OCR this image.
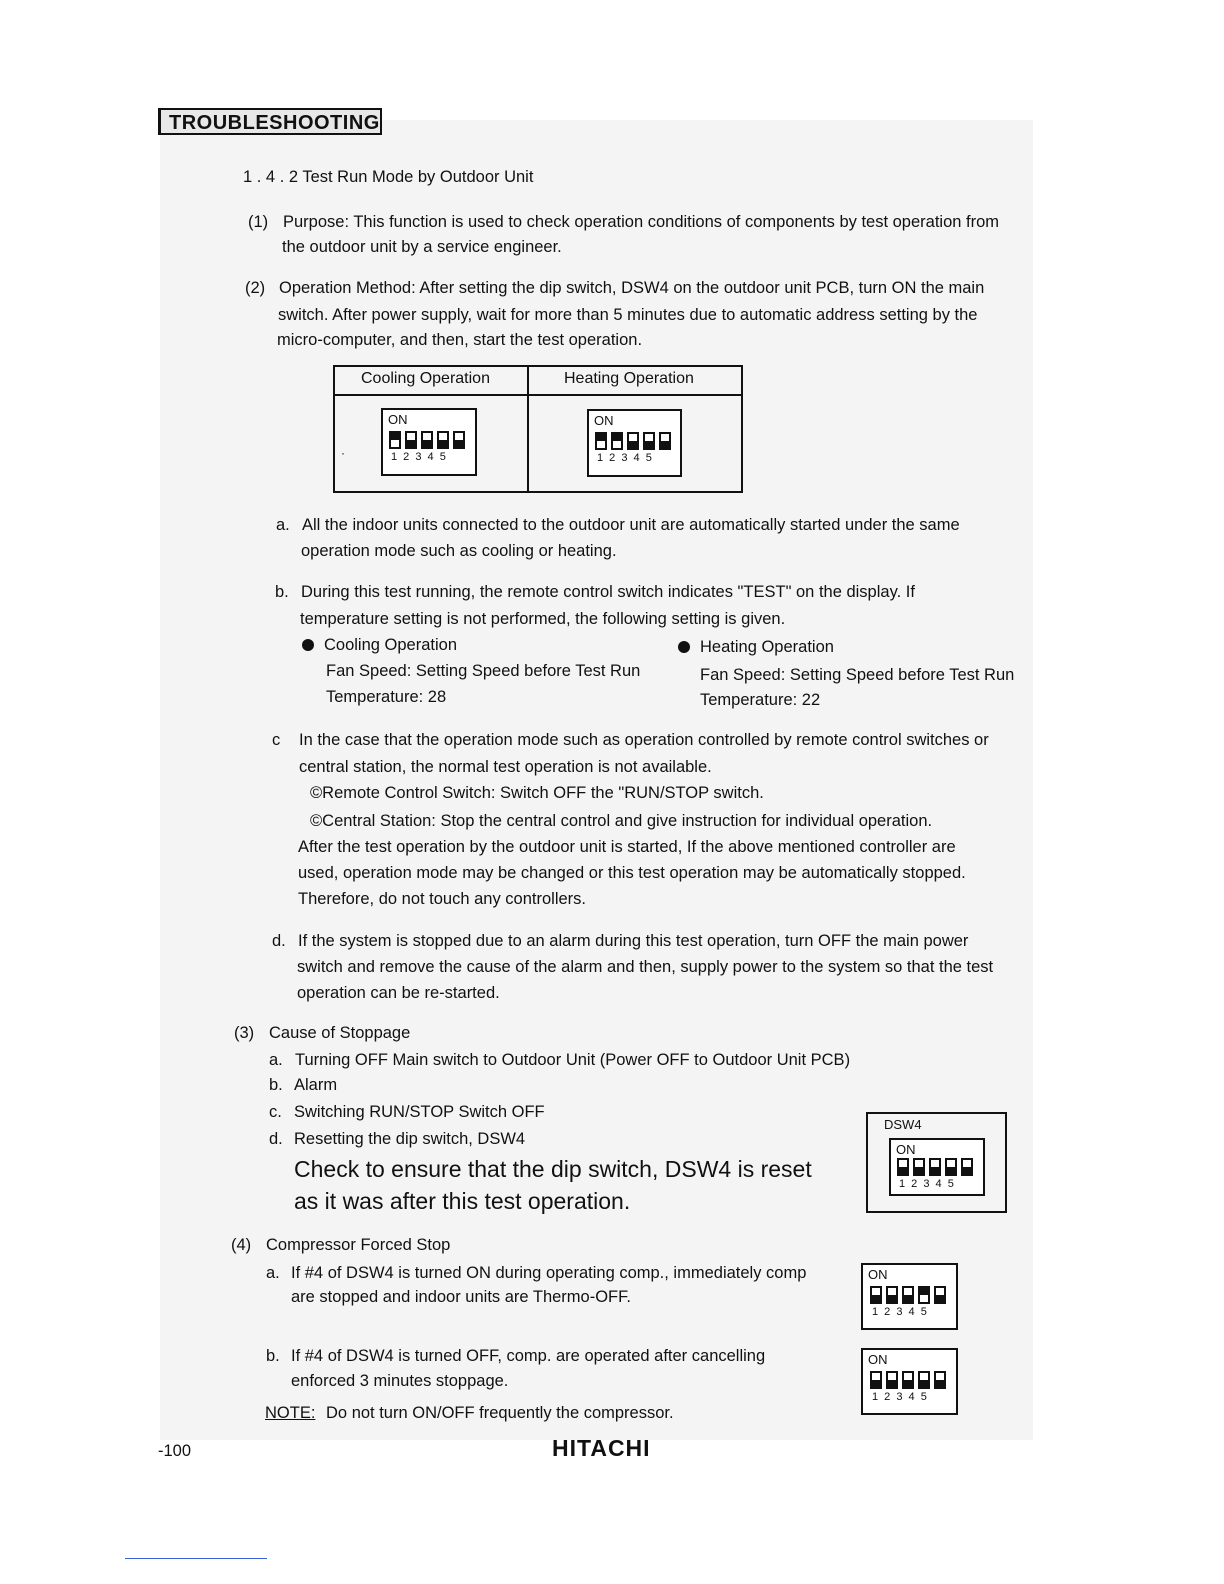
TROUBLESHOOTING
1 . 4 . 2 Test Run Mode by Outdoor Unit
(1) Purpose: This function is used to check operation conditions of components by test operation from
the outdoor unit by a service engineer.
(2) Operation Method: After setting the dip switch, DSW4 on the outdoor unit PCB, turn ON the main
switch. After power supply, wait for more than 5 minutes due to automatic address setting by the
micro-computer, and then, start the test operation.
Cooling Operation	Heating Operation
ON
1 2 3 4 5
ON
1 2 3 4 5
·
a. All the indoor units connected to the outdoor unit are automatically started under the same
operation mode such as cooling or heating.
b. During this test running, the remote control switch indicates "TEST" on the display. If
temperature setting is not performed, the following setting is given.
Cooling Operation
Fan Speed: Setting Speed before Test Run
Temperature: 28
Heating Operation
Fan Speed: Setting Speed before Test Run
Temperature: 22
c In the case that the operation mode such as operation controlled by remote control switches or
central station, the normal test operation is not available.
©Remote Control Switch: Switch OFF the "RUN/STOP switch.
©Central Station: Stop the central control and give instruction for individual operation.
After the test operation by the outdoor unit is started, If the above mentioned controller are
used, operation mode may be changed or this test operation may be automatically stopped.
Therefore, do not touch any controllers.
d. If the system is stopped due to an alarm during this test operation, turn OFF the main power
switch and remove the cause of the alarm and then, supply power to the system so that the test
operation can be re-started.
(3) Cause of Stoppage
a. Turning OFF Main switch to Outdoor Unit (Power OFF to Outdoor Unit PCB)
b. Alarm
c. Switching RUN/STOP Switch OFF
d. Resetting the dip switch, DSW4
Check to ensure that the dip switch, DSW4 is reset
as it was after this test operation.
DSW4
ON
1 2 3 4 5
(4) Compressor Forced Stop
a. If #4 of DSW4 is turned ON during operating comp., immediately comp
are stopped and indoor units are Thermo-OFF.
ON
1 2 3 4 5
b. If #4 of DSW4 is turned OFF, comp. are operated after cancelling
enforced 3 minutes stoppage.
ON
1 2 3 4 5
NOTE: Do not turn ON/OFF frequently the compressor.
-100	HITACHI
